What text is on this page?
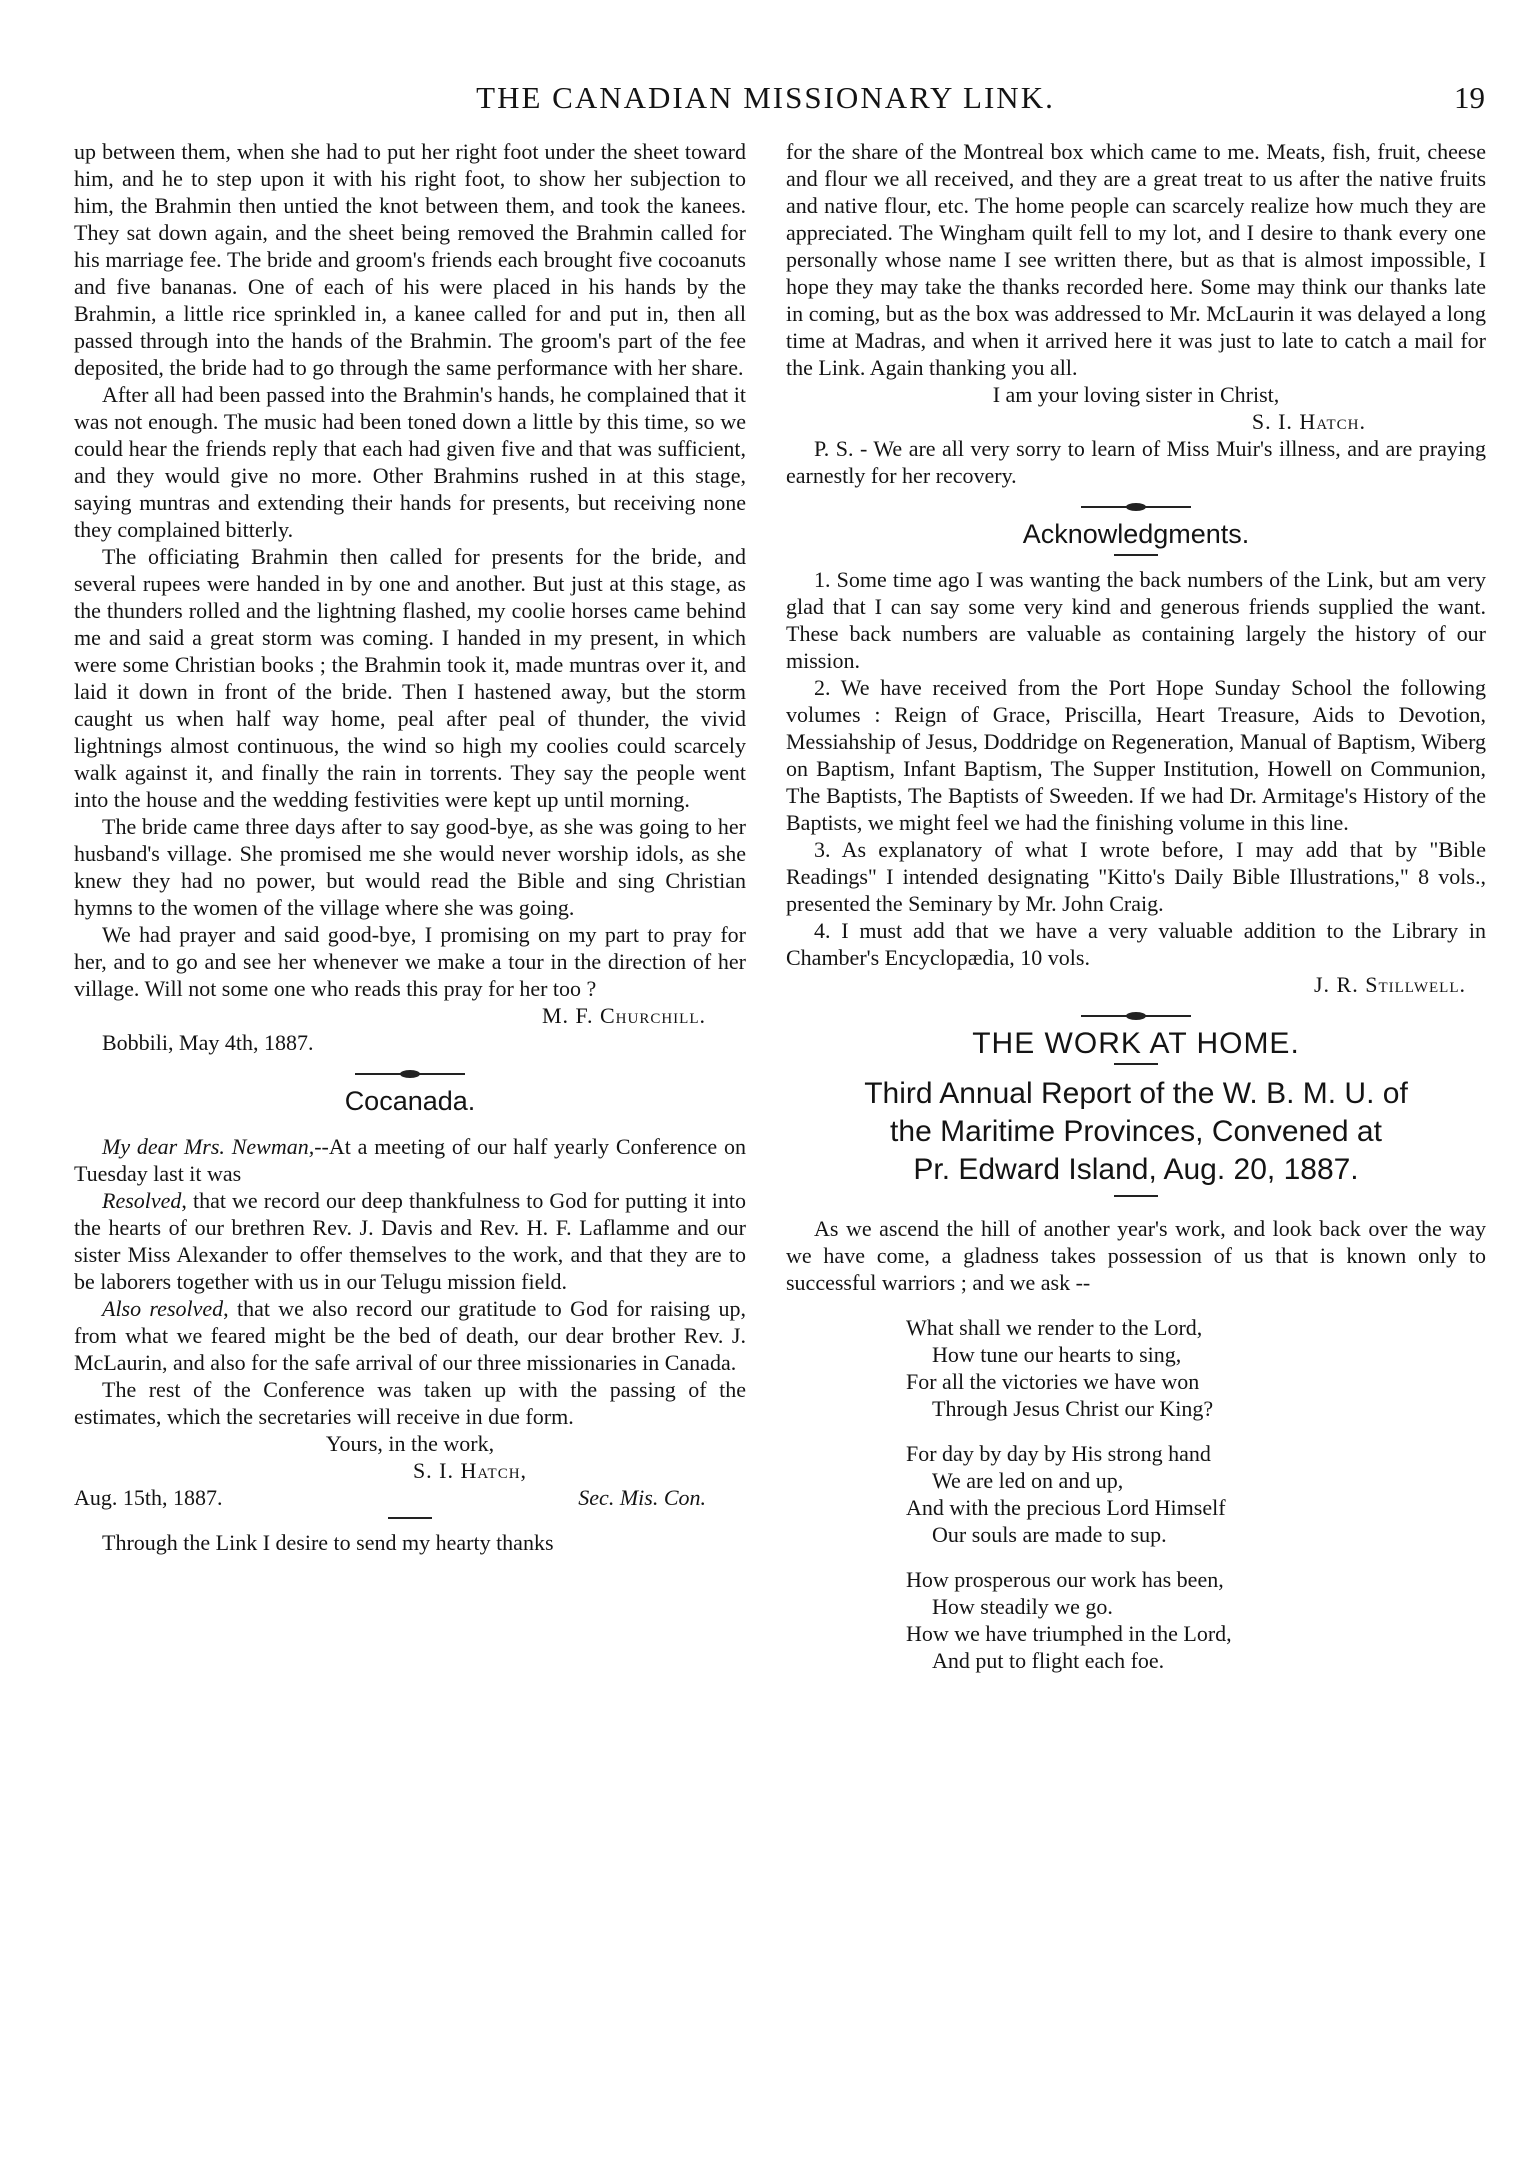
THE CANADIAN MISSIONARY LINK.	19

up between them, when she had to put her right foot under the sheet toward him, and he to step upon it with his right foot, to show her subjection to him, the Brahmin then untied the knot between them, and took the kanees. They sat down again, and the sheet being removed the Brahmin called for his marriage fee. The bride and groom's friends each brought five cocoanuts and five bananas. One of each of his were placed in his hands by the Brahmin, a little rice sprinkled in, a kanee called for and put in, then all passed through into the hands of the Brahmin. The groom's part of the fee deposited, the bride had to go through the same performance with her share.

After all had been passed into the Brahmin's hands, he complained that it was not enough. The music had been toned down a little by this time, so we could hear the friends reply that each had given five and that was sufficient, and they would give no more. Other Brahmins rushed in at this stage, saying muntras and extending their hands for presents, but receiving none they complained bitterly.

The officiating Brahmin then called for presents for the bride, and several rupees were handed in by one and another. But just at this stage, as the thunders rolled and the lightning flashed, my coolie horses came behind me and said a great storm was coming. I handed in my present, in which were some Christian books ; the Brahmin took it, made muntras over it, and laid it down in front of the bride. Then I hastened away, but the storm caught us when half way home, peal after peal of thunder, the vivid lightnings almost continuous, the wind so high my coolies could scarcely walk against it, and finally the rain in torrents. They say the people went into the house and the wedding festivities were kept up until morning.

The bride came three days after to say good-bye, as she was going to her husband's village. She promised me she would never worship idols, as she knew they had no power, but would read the Bible and sing Christian hymns to the women of the village where she was going.

We had prayer and said good-bye, I promising on my part to pray for her, and to go and see her whenever we make a tour in the direction of her village. Will not some one who reads this pray for her too ?

M. F. Churchill.

Bobbili, May 4th, 1887.

Cocanada.

My dear Mrs. Newman,--At a meeting of our half yearly Conference on Tuesday last it was

Resolved, that we record our deep thankfulness to God for putting it into the hearts of our brethren Rev. J. Davis and Rev. H. F. Laflamme and our sister Miss Alexander to offer themselves to the work, and that they are to be laborers together with us in our Telugu mission field.

Also resolved, that we also record our gratitude to God for raising up, from what we feared might be the bed of death, our dear brother Rev. J. McLaurin, and also for the safe arrival of our three missionaries in Canada.

The rest of the Conference was taken up with the passing of the estimates, which the secretaries will receive in due form.

Yours, in the work,

S. I. Hatch,

Aug. 15th, 1887.	Sec. Mis. Con.

Through the Link I desire to send my hearty thanks

for the share of the Montreal box which came to me. Meats, fish, fruit, cheese and flour we all received, and they are a great treat to us after the native fruits and native flour, etc. The home people can scarcely realize how much they are appreciated. The Wingham quilt fell to my lot, and I desire to thank every one personally whose name I see written there, but as that is almost impossible, I hope they may take the thanks recorded here. Some may think our thanks late in coming, but as the box was addressed to Mr. McLaurin it was delayed a long time at Madras, and when it arrived here it was just to late to catch a mail for the Link. Again thanking you all.

I am your loving sister in Christ,

S. I. Hatch.

P. S. - We are all very sorry to learn of Miss Muir's illness, and are praying earnestly for her recovery.

Acknowledgments.

1. Some time ago I was wanting the back numbers of the Link, but am very glad that I can say some very kind and generous friends supplied the want. These back numbers are valuable as containing largely the history of our mission.

2. We have received from the Port Hope Sunday School the following volumes : Reign of Grace, Priscilla, Heart Treasure, Aids to Devotion, Messiahship of Jesus, Doddridge on Regeneration, Manual of Baptism, Wiberg on Baptism, Infant Baptism, The Supper Institution, Howell on Communion, The Baptists, The Baptists of Sweeden. If we had Dr. Armitage's History of the Baptists, we might feel we had the finishing volume in this line.

3. As explanatory of what I wrote before, I may add that by "Bible Readings" I intended designating "Kitto's Daily Bible Illustrations," 8 vols., presented the Seminary by Mr. John Craig.

4. I must add that we have a very valuable addition to the Library in Chamber's Encyclopædia, 10 vols.

J. R. Stillwell.

THE WORK AT HOME.
Third Annual Report of the W. B. M. U. of
the Maritime Provinces, Convened at
Pr. Edward Island, Aug. 20, 1887.

As we ascend the hill of another year's work, and look back over the way we have come, a gladness takes possession of us that is known only to successful warriors ; and we ask --

What shall we render to the Lord,

How tune our hearts to sing,

For all the victories we have won

Through Jesus Christ our King?

For day by day by His strong hand

We are led on and up,

And with the precious Lord Himself

Our souls are made to sup.

How prosperous our work has been,

How steadily we go.

How we have triumphed in the Lord,

And put to flight each foe.
